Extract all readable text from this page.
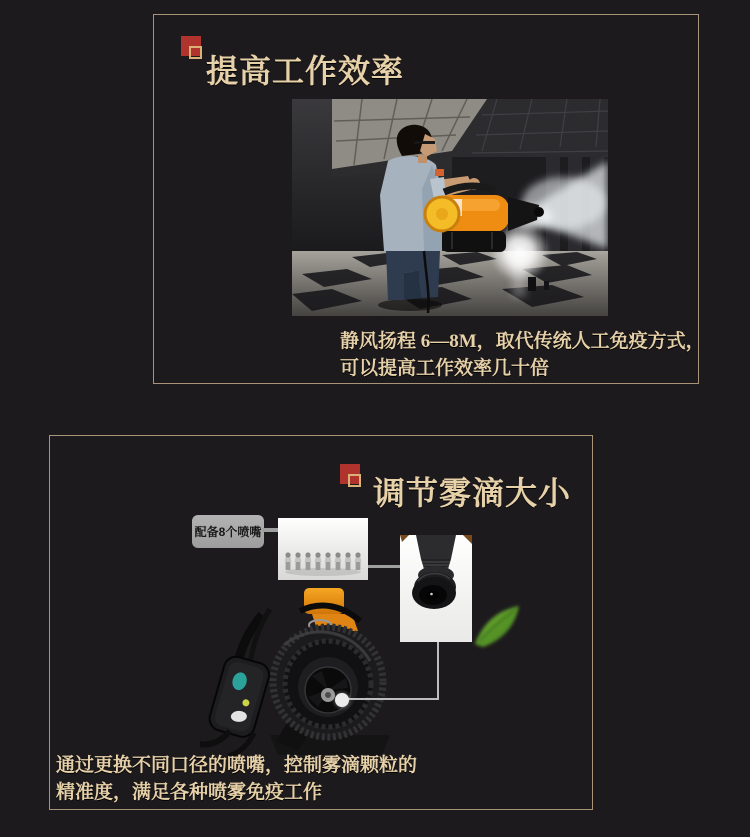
提高工作效率
静风扬程 6—8M，取代传统人工免疫方式，
可以提高工作效率几十倍
调节雾滴大小
配备8个喷嘴
通过更换不同口径的喷嘴，控制雾滴颗粒的
精准度，满足各种喷雾免疫工作
